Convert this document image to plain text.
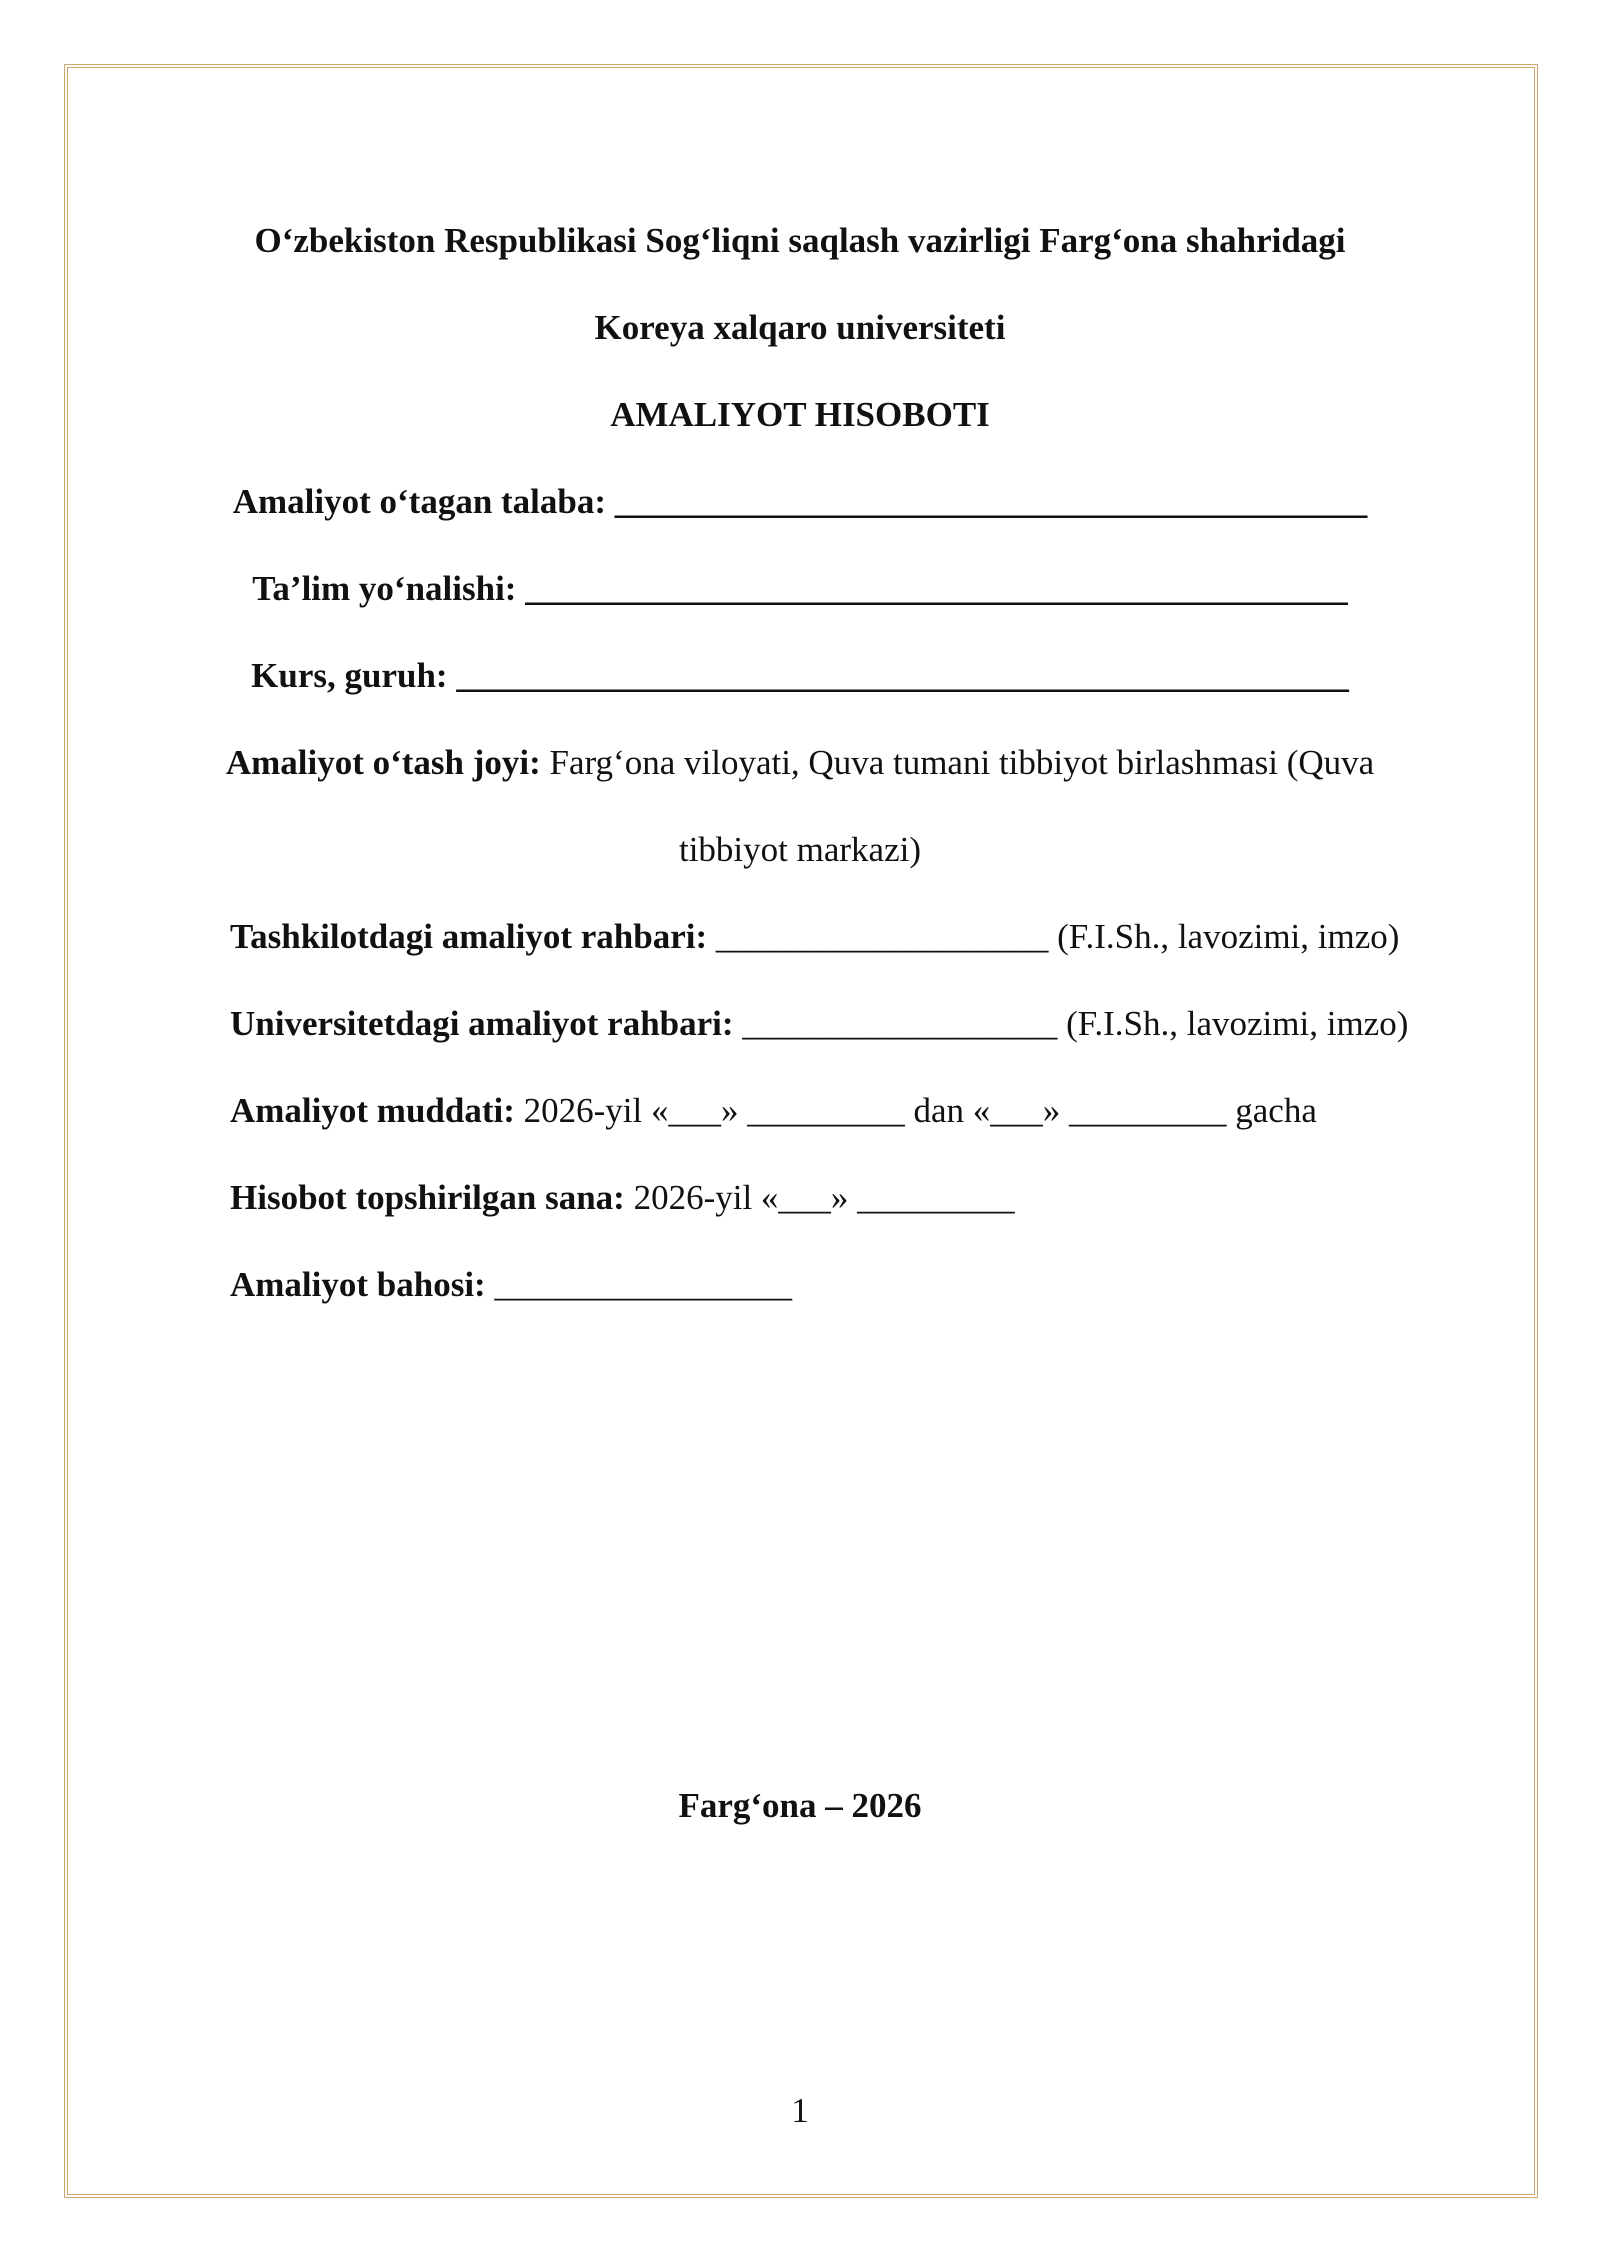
O‘zbekiston Respublikasi Sog‘liqni saqlash vazirligi Farg‘ona shahridagi
Koreya xalqaro universiteti
AMALIYOT HISOBOTI
Amaliyot o‘tagan talaba: ___________________________________________
Ta’lim yo‘nalishi: _______________________________________________
Kurs, guruh: ___________________________________________________
Amaliyot o‘tash joyi: Farg‘ona viloyati, Quva tumani tibbiyot birlashmasi (Quva
tibbiyot markazi)
Tashkilotdagi amaliyot rahbari: ___________________ (F.I.Sh., lavozimi, imzo)
Universitetdagi amaliyot rahbari: __________________ (F.I.Sh., lavozimi, imzo)
Amaliyot muddati: 2026-yil «___» _________ dan «___» _________ gacha
Hisobot topshirilgan sana: 2026-yil «___» _________
Amaliyot bahosi: _________________
Farg‘ona – 2026
1
